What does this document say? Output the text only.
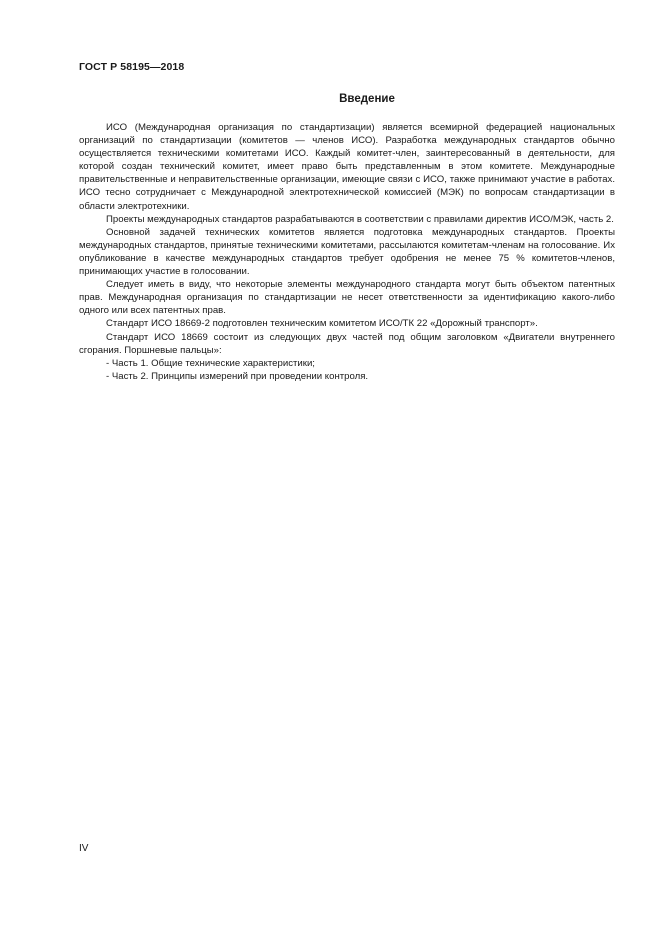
ГОСТ Р 58195—2018
Введение

ИСО (Международная организация по стандартизации) является всемирной федерацией национальных организаций по стандартизации (комитетов — членов ИСО). Разработка международных стандартов обычно осуществляется техническими комитетами ИСО. Каждый комитет-член, заинтересованный в деятельности, для которой создан технический комитет, имеет право быть представленным в этом комитете. Международные правительственные и неправительственные организации, имеющие связи с ИСО, также принимают участие в работах. ИСО тесно сотрудничает с Международной электротехнической комиссией (МЭК) по вопросам стандартизации в области электротехники.

Проекты международных стандартов разрабатываются в соответствии с правилами директив ИСО/МЭК, часть 2.

Основной задачей технических комитетов является подготовка международных стандартов. Проекты международных стандартов, принятые техническими комитетами, рассылаются комитетам-членам на голосование. Их опубликование в качестве международных стандартов требует одобрения не менее 75 % комитетов-членов, принимающих участие в голосовании.

Следует иметь в виду, что некоторые элементы международного стандарта могут быть объектом патентных прав. Международная организация по стандартизации не несет ответственности за идентификацию какого-либо одного или всех патентных прав.

Стандарт ИСО 18669-2 подготовлен техническим комитетом ИСО/ТК 22 «Дорожный транспорт».

Стандарт ИСО 18669 состоит из следующих двух частей под общим заголовком «Двигатели внутреннего сгорания. Поршневые пальцы»:

- Часть 1. Общие технические характеристики;

- Часть 2. Принципы измерений при проведении контроля.

IV
